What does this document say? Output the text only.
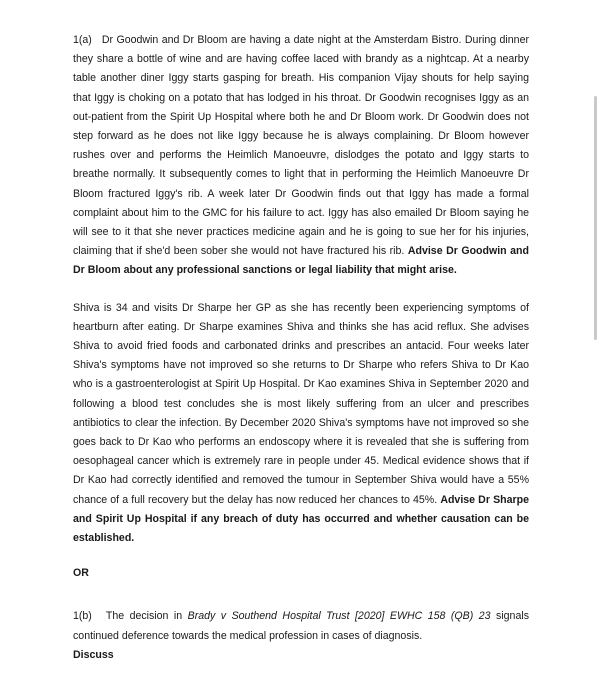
1(a) Dr Goodwin and Dr Bloom are having a date night at the Amsterdam Bistro. During dinner they share a bottle of wine and are having coffee laced with brandy as a nightcap. At a nearby table another diner Iggy starts gasping for breath. His companion Vijay shouts for help saying that Iggy is choking on a potato that has lodged in his throat. Dr Goodwin recognises Iggy as an out-patient from the Spirit Up Hospital where both he and Dr Bloom work. Dr Goodwin does not step forward as he does not like Iggy because he is always complaining. Dr Bloom however rushes over and performs the Heimlich Manoeuvre, dislodges the potato and Iggy starts to breathe normally. It subsequently comes to light that in performing the Heimlich Manoeuvre Dr Bloom fractured Iggy's rib. A week later Dr Goodwin finds out that Iggy has made a formal complaint about him to the GMC for his failure to act. Iggy has also emailed Dr Bloom saying he will see to it that she never practices medicine again and he is going to sue her for his injuries, claiming that if she'd been sober she would not have fractured his rib. Advise Dr Goodwin and Dr Bloom about any professional sanctions or legal liability that might arise.

Shiva is 34 and visits Dr Sharpe her GP as she has recently been experiencing symptoms of heartburn after eating. Dr Sharpe examines Shiva and thinks she has acid reflux. She advises Shiva to avoid fried foods and carbonated drinks and prescribes an antacid. Four weeks later Shiva's symptoms have not improved so she returns to Dr Sharpe who refers Shiva to Dr Kao who is a gastroenterologist at Spirit Up Hospital. Dr Kao examines Shiva in September 2020 and following a blood test concludes she is most likely suffering from an ulcer and prescribes antibiotics to clear the infection. By December 2020 Shiva's symptoms have not improved so she goes back to Dr Kao who performs an endoscopy where it is revealed that she is suffering from oesophageal cancer which is extremely rare in people under 45. Medical evidence shows that if Dr Kao had correctly identified and removed the tumour in September Shiva would have a 55% chance of a full recovery but the delay has now reduced her chances to 45%. Advise Dr Sharpe and Spirit Up Hospital if any breach of duty has occurred and whether causation can be established.

OR

1(b) The decision in Brady v Southend Hospital Trust [2020] EWHC 158 (QB) 23 signals continued deference towards the medical profession in cases of diagnosis.
Discuss
